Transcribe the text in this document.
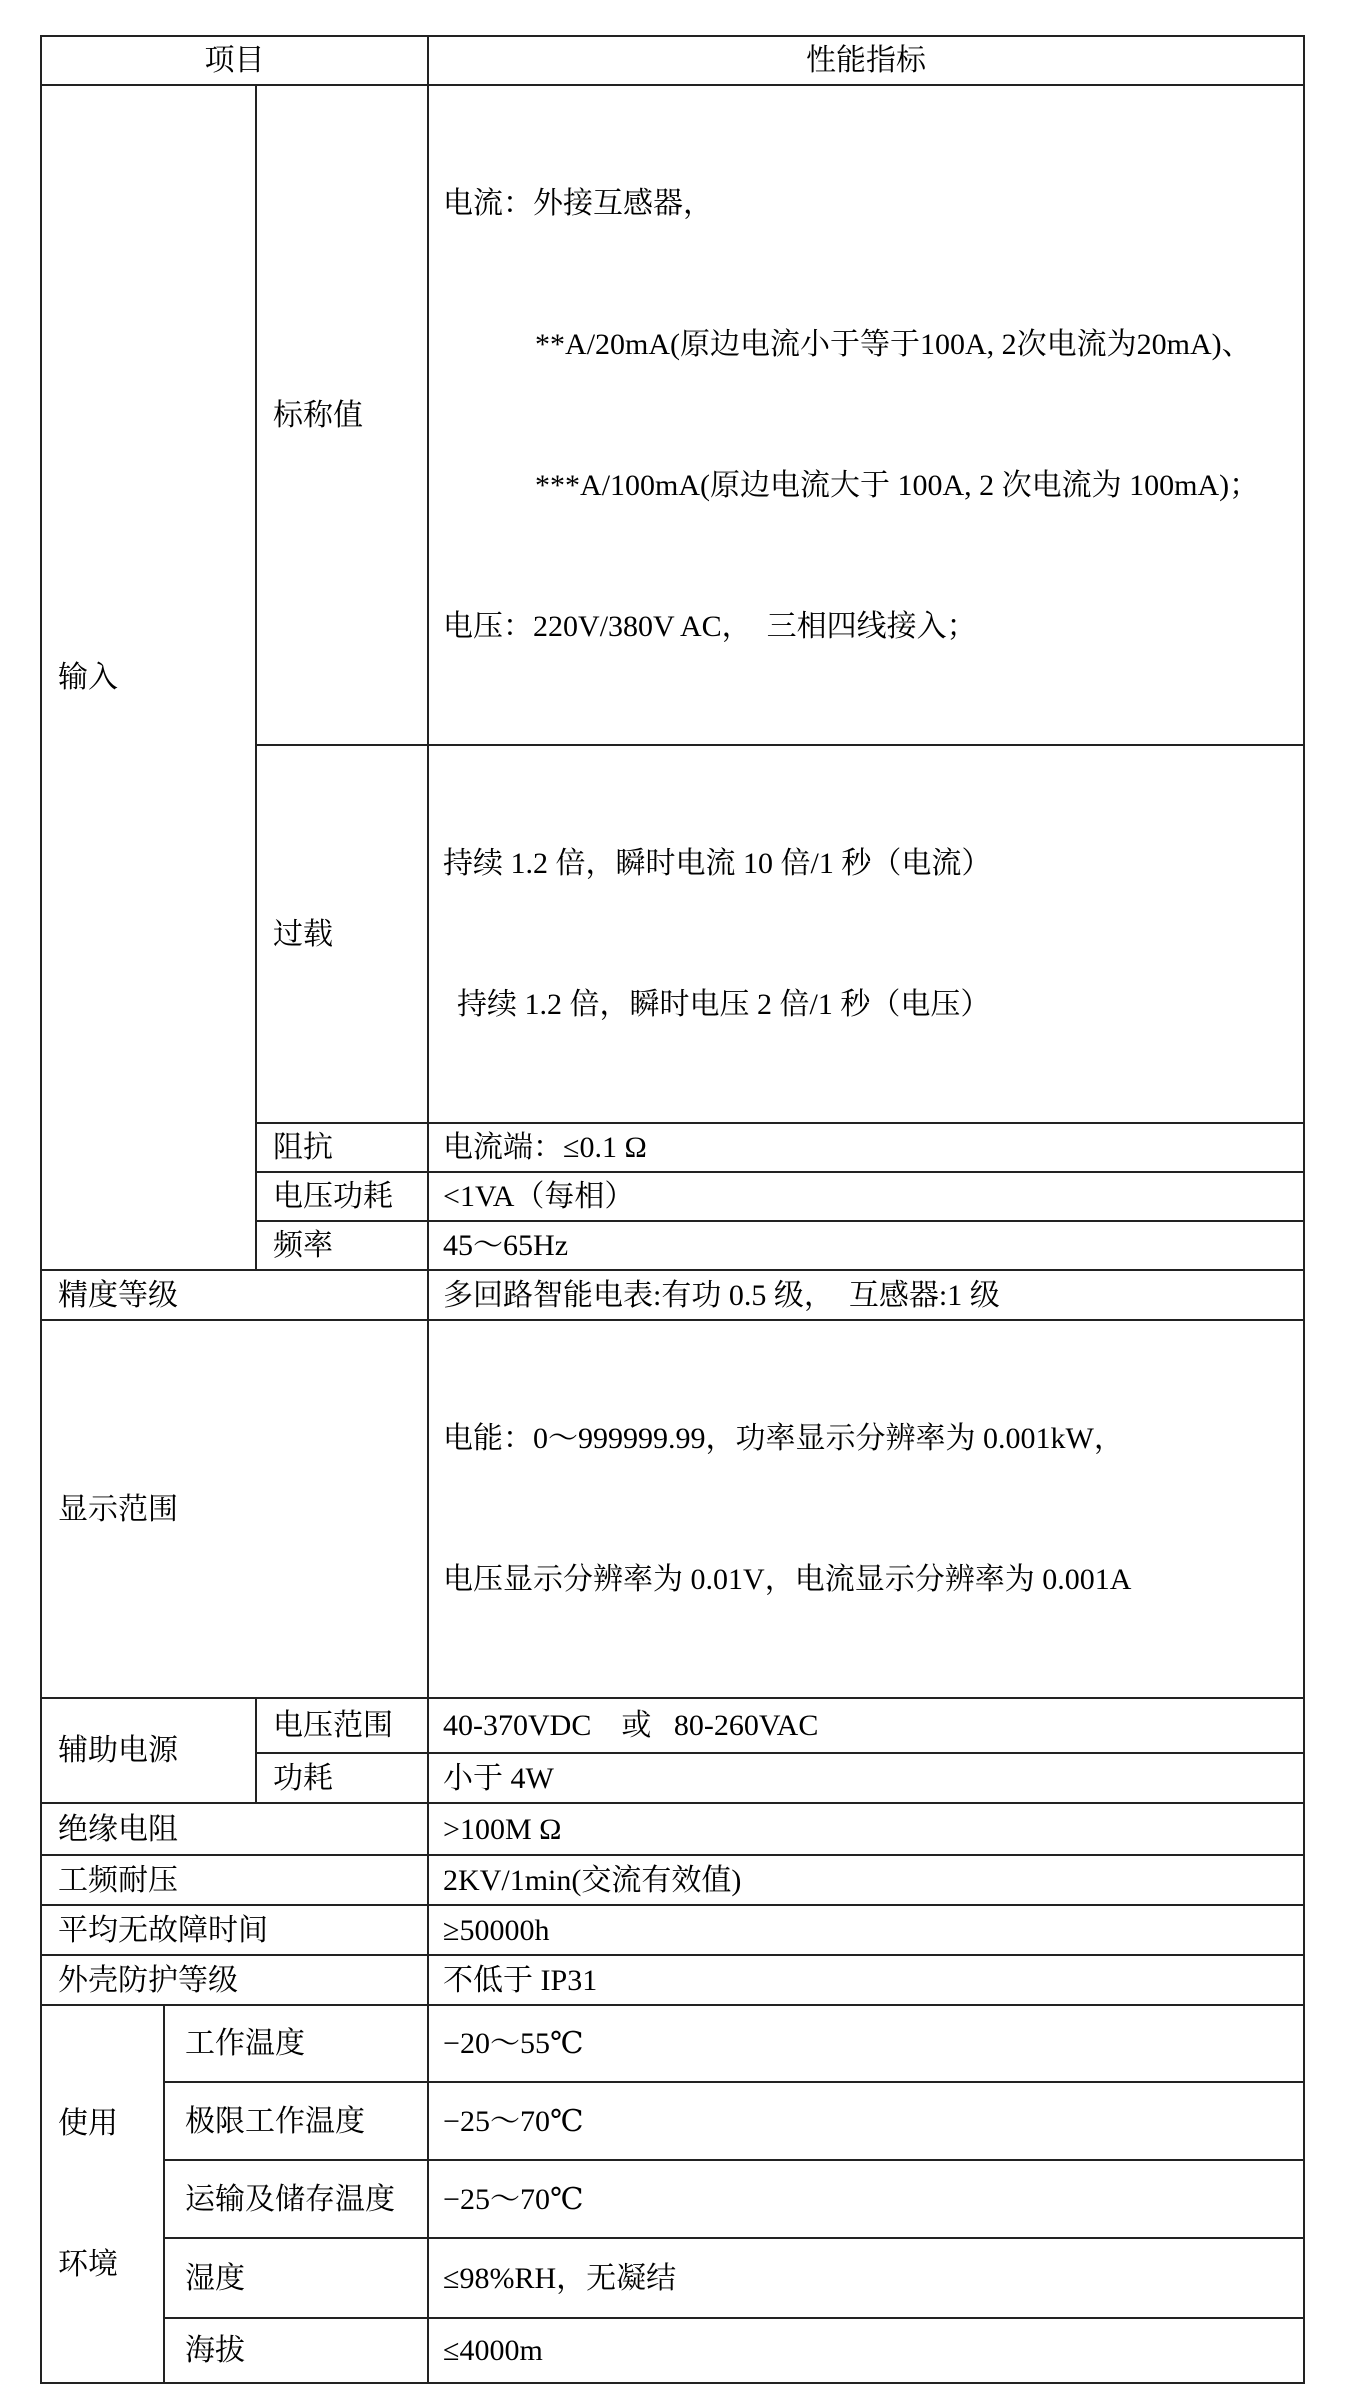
项目			性能指标
输入		标称值	电流：外接互感器，

**A/20mA(原边电流小于等于100A, 2次电流为20mA)、

***A/100mA(原边电流大于 100A, 2 次电流为 100mA)；

电压：220V/380V AC，  三相四线接入；

		过载	持续 1.2 倍，瞬时电流 10 倍/1 秒（电流）

持续 1.2 倍，瞬时电压 2 倍/1 秒（电压）

		阻抗	电流端：≤0.1 Ω
		电压功耗	<1VA（每相）
		频率	45～65Hz
精度等级			多回路智能电表:有功 0.5 级，  互感器:1 级
显示范围			电能：0～999999.99，功率显示分辨率为 0.001kW，

电压显示分辨率为 0.01V，电流显示分辨率为 0.001A

辅助电源		电压范围	40-370VDC    或   80-260VAC
		功耗	小于 4W
绝缘电阻			>100M Ω
工频耐压			2KV/1min(交流有效值)
平均无故障时间			≥50000h
外壳防护等级			不低于 IP31

使用

环境	工作温度		−20～55℃
	极限工作温度		−25～70℃
	运输及储存温度		−25～70℃
	湿度		≤98%RH，无凝结
	海拔		≤4000m
